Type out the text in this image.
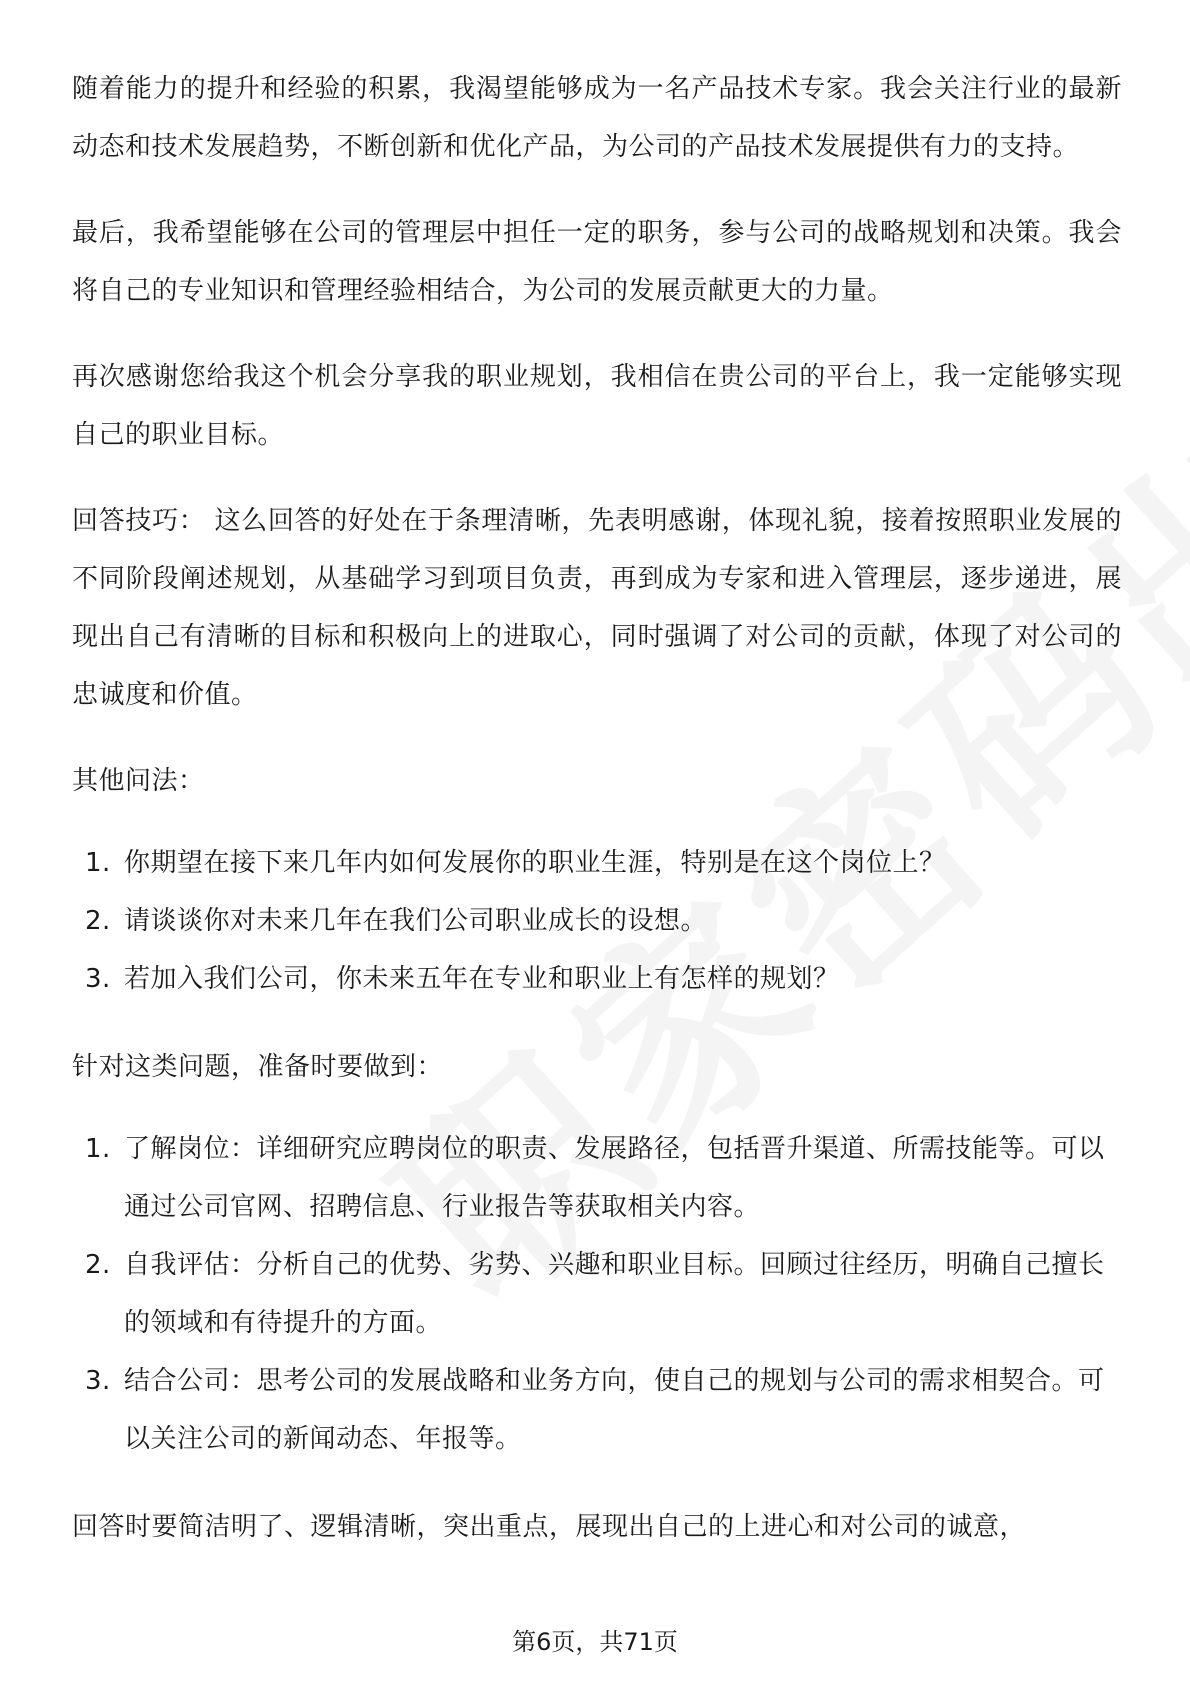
随着能力的提升和经验的积累，我渴望能够成为一名产品技术专家。我会关注行业的最新动态和技术发展趋势，不断创新和优化产品，为公司的产品技术发展提供有力的支持。

最后，我希望能够在公司的管理层中担任一定的职务，参与公司的战略规划和决策。我会将自己的专业知识和管理经验相结合，为公司的发展贡献更大的力量。

再次感谢您给我这个机会分享我的职业规划，我相信在贵公司的平台上，我一定能够实现自己的职业目标。

回答技巧： 这么回答的好处在于条理清晰，先表明感谢，体现礼貌，接着按照职业发展的不同阶段阐述规划，从基础学习到项目负责，再到成为专家和进入管理层，逐步递进，展现出自己有清晰的目标和积极向上的进取心，同时强调了对公司的贡献，体现了对公司的忠诚度和价值。

其他问法：

1. 你期望在接下来几年内如何发展你的职业生涯，特别是在这个岗位上？
2. 请谈谈你对未来几年在我们公司职业成长的设想。
3. 若加入我们公司，你未来五年在专业和职业上有怎样的规划？

针对这类问题，准备时要做到：

1. 了解岗位：详细研究应聘岗位的职责、发展路径，包括晋升渠道、所需技能等。可以通过公司官网、招聘信息、行业报告等获取相关内容。
2. 自我评估：分析自己的优势、劣势、兴趣和职业目标。回顾过往经历，明确自己擅长的领域和有待提升的方面。
3. 结合公司：思考公司的发展战略和业务方向，使自己的规划与公司的需求相契合。可以关注公司的新闻动态、年报等。

回答时要简洁明了、逻辑清晰，突出重点，展现出自己的上进心和对公司的诚意，

第6页，共71页
